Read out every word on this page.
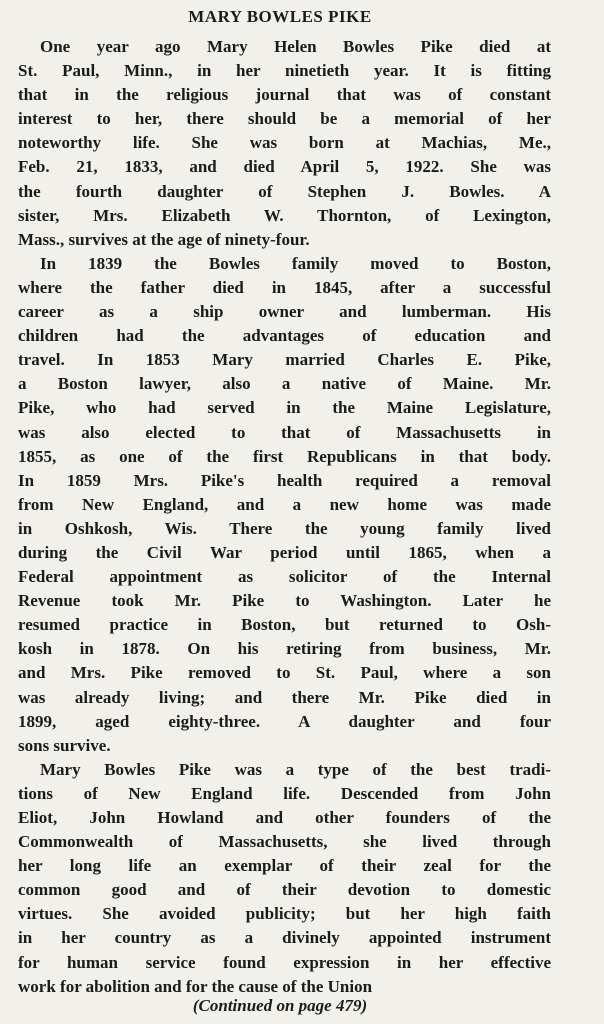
MARY BOWLES PIKE
One year ago Mary Helen Bowles Pike died at
St. Paul, Minn., in her ninetieth year. It is fitting
that in the religious journal that was of constant
interest to her, there should be a memorial of her
noteworthy life. She was born at Machias, Me.,
Feb. 21, 1833, and died April 5, 1922. She was
the fourth daughter of Stephen J. Bowles. A
sister, Mrs. Elizabeth W. Thornton, of Lexington,
Mass., survives at the age of ninety-four.
In 1839 the Bowles family moved to Boston,
where the father died in 1845, after a successful
career as a ship owner and lumberman. His
children had the advantages of education and
travel. In 1853 Mary married Charles E. Pike,
a Boston lawyer, also a native of Maine. Mr.
Pike, who had served in the Maine Legislature,
was also elected to that of Massachusetts in
1855, as one of the first Republicans in that body.
In 1859 Mrs. Pike's health required a removal
from New England, and a new home was made
in Oshkosh, Wis. There the young family lived
during the Civil War period until 1865, when a
Federal appointment as solicitor of the Internal
Revenue took Mr. Pike to Washington. Later he
resumed practice in Boston, but returned to Osh-
kosh in 1878. On his retiring from business, Mr.
and Mrs. Pike removed to St. Paul, where a son
was already living; and there Mr. Pike died in
1899, aged eighty-three. A daughter and four
sons survive.
Mary Bowles Pike was a type of the best tradi-
tions of New England life. Descended from John
Eliot, John Howland and other founders of the
Commonwealth of Massachusetts, she lived through
her long life an exemplar of their zeal for the
common good and of their devotion to domestic
virtues. She avoided publicity; but her high faith
in her country as a divinely appointed instrument
for human service found expression in her effective
work for abolition and for the cause of the Union
(Continued on page 479)
